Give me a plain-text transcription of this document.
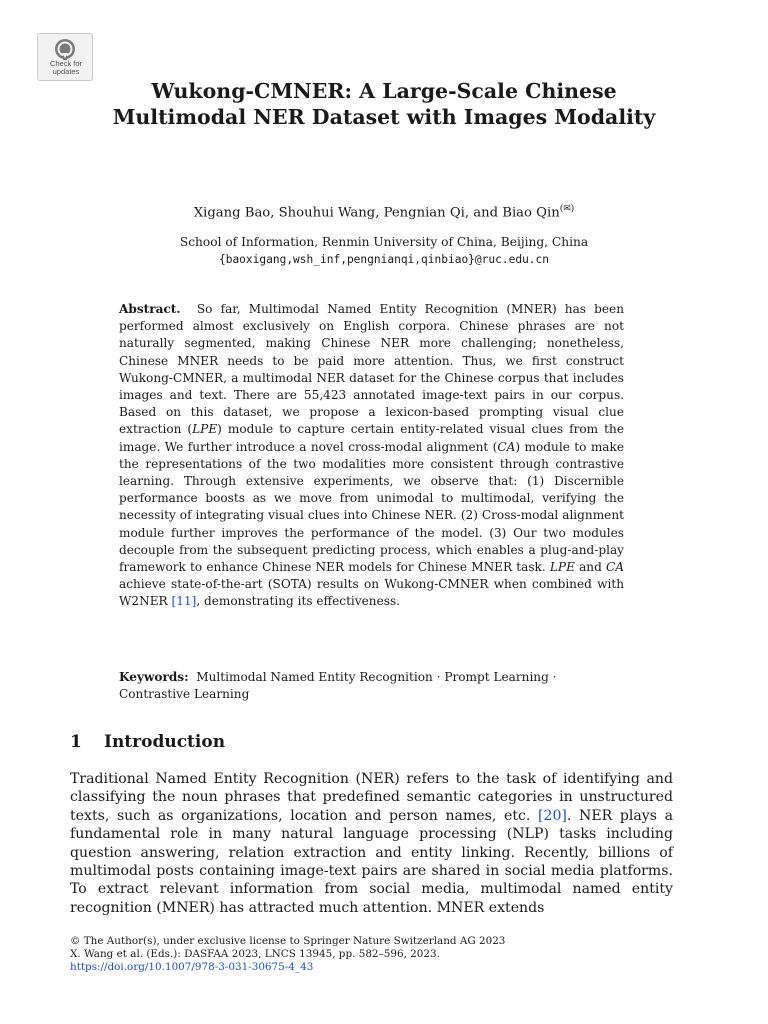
Check for
updates
Wukong-CMNER: A Large-Scale Chinese Multimodal NER Dataset with Images Modality
Xigang Bao, Shouhui Wang, Pengnian Qi, and Biao Qin(✉)
School of Information, Renmin University of China, Beijing, China
{baoxigang,wsh_inf,pengnianqi,qinbiao}@ruc.edu.cn

Abstract. So far, Multimodal Named Entity Recognition (MNER) has been performed almost exclusively on English corpora. Chinese phrases are not naturally segmented, making Chinese NER more challenging; nonetheless, Chinese MNER needs to be paid more attention. Thus, we first construct Wukong-CMNER, a multimodal NER dataset for the Chinese corpus that includes images and text. There are 55,423 annotated image-text pairs in our corpus. Based on this dataset, we propose a lexicon-based prompting visual clue extraction (LPE) module to capture certain entity-related visual clues from the image. We further introduce a novel cross-modal alignment (CA) module to make the representations of the two modalities more consistent through contrastive learning. Through extensive experiments, we observe that: (1) Discernible performance boosts as we move from unimodal to multimodal, verifying the necessity of integrating visual clues into Chinese NER. (2) Cross-modal alignment module further improves the performance of the model. (3) Our two modules decouple from the subsequent predicting process, which enables a plug-and-play framework to enhance Chinese NER models for Chinese MNER task. LPE and CA achieve state-of-the-art (SOTA) results on Wukong-CMNER when combined with W2NER [11], demonstrating its effectiveness.

Keywords: Multimodal Named Entity Recognition · Prompt Learning · Contrastive Learning

1 Introduction

Traditional Named Entity Recognition (NER) refers to the task of identifying and classifying the noun phrases that predefined semantic categories in unstructured texts, such as organizations, location and person names, etc. [20]. NER plays a fundamental role in many natural language processing (NLP) tasks including question answering, relation extraction and entity linking. Recently, billions of multimodal posts containing image-text pairs are shared in social media platforms. To extract relevant information from social media, multimodal named entity recognition (MNER) has attracted much attention. MNER extends

© The Author(s), under exclusive license to Springer Nature Switzerland AG 2023
X. Wang et al. (Eds.): DASFAA 2023, LNCS 13945, pp. 582–596, 2023.
https://doi.org/10.1007/978-3-031-30675-4_43
